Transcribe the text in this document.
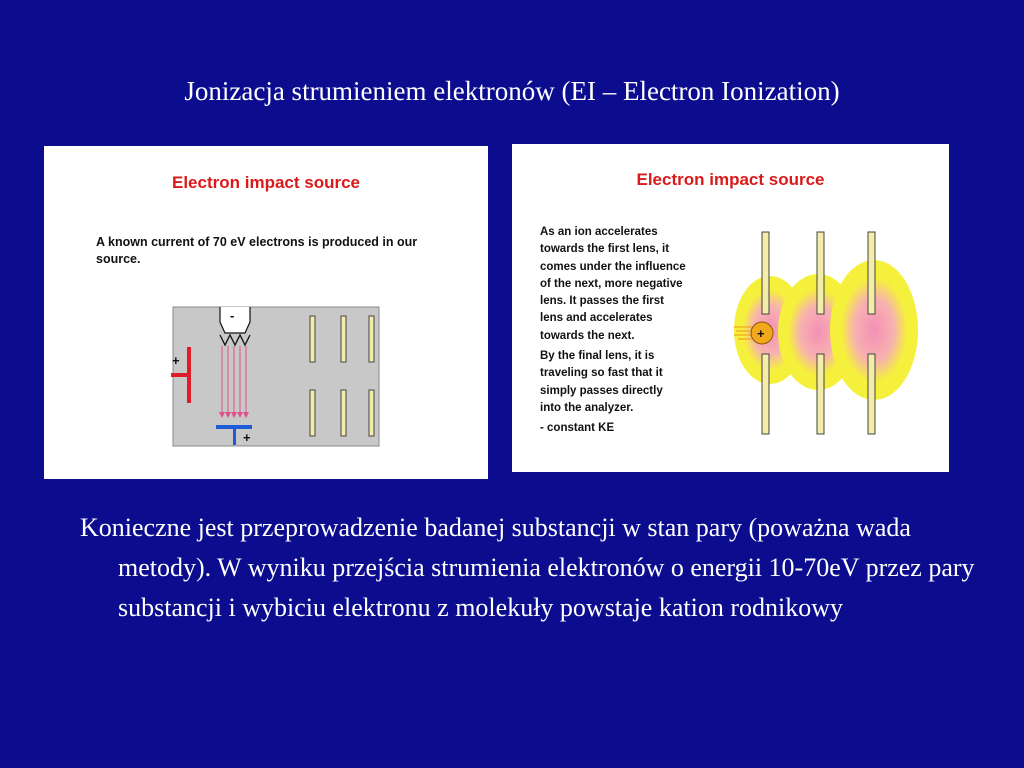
Jonizacja strumieniem elektronów (EI – Electron Ionization)
Electron impact source
A known current of 70 eV electrons is produced in our source.
-
+
+
+
Electron impact source
As an ion accelerates
towards the first lens, it
comes under the influence
of the next, more negative
lens. It passes the first
lens and accelerates
towards the next.
By the final lens, it is
traveling so fast that it
simply passes directly
into the analyzer.
- constant KE
Konieczne jest przeprowadzenie badanej substancji w stan pary (poważna wada metody). W wyniku przejścia strumienia elektronów o energii 10-70eV przez pary substancji i wybiciu elektronu z molekuły powstaje kation rodnikowy
